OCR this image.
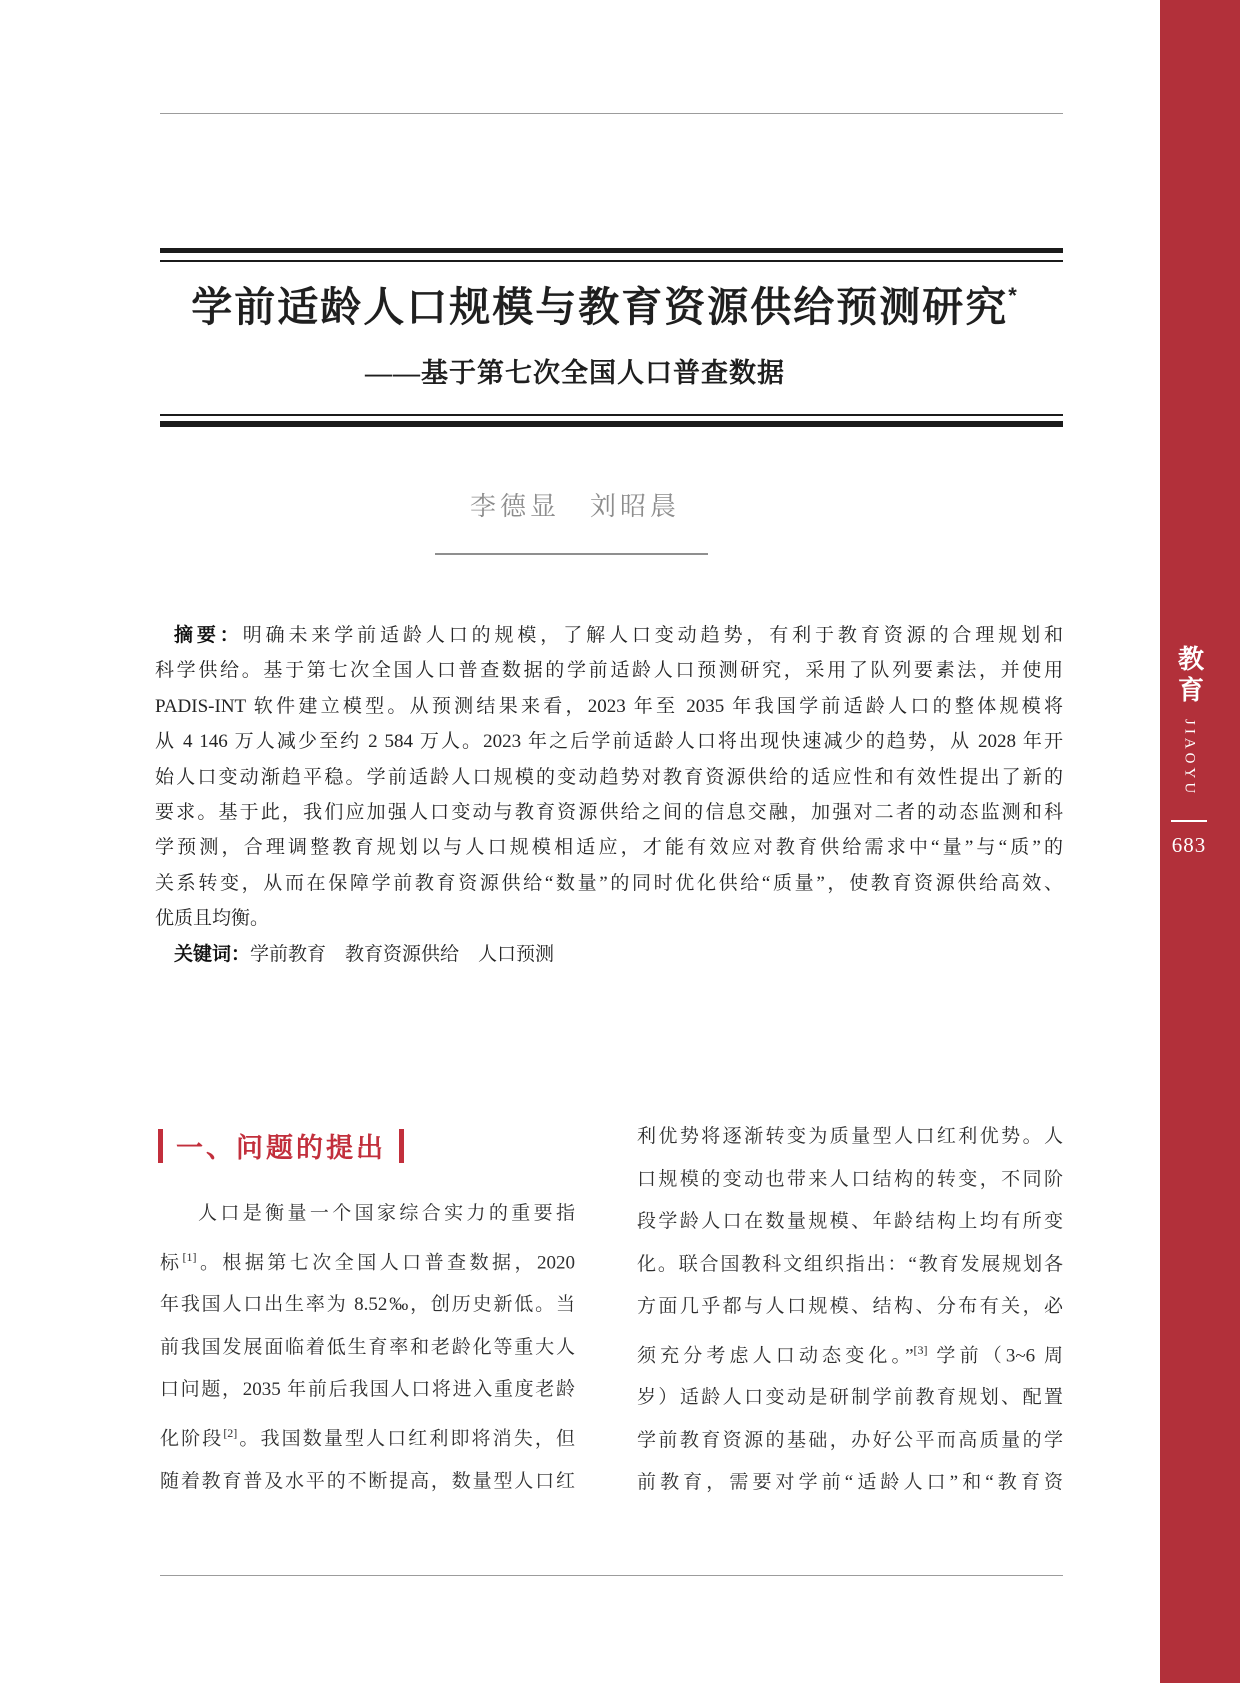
学前适龄人口规模与教育资源供给预测研究*
——基于第七次全国人口普查数据
李德显　刘昭晨
摘要：明确未来学前适龄人口的规模，了解人口变动趋势，有利于教育资源的合理规划和
科学供给。基于第七次全国人口普查数据的学前适龄人口预测研究，采用了队列要素法，并使用
PADIS-INT 软件建立模型。从预测结果来看，2023 年至 2035 年我国学前适龄人口的整体规模将
从 4 146 万人减少至约 2 584 万人。2023 年之后学前适龄人口将出现快速减少的趋势，从 2028 年开
始人口变动渐趋平稳。学前适龄人口规模的变动趋势对教育资源供给的适应性和有效性提出了新的
要求。基于此，我们应加强人口变动与教育资源供给之间的信息交融，加强对二者的动态监测和科
学预测，合理调整教育规划以与人口规模相适应，才能有效应对教育供给需求中“量”与“质”的
关系转变，从而在保障学前教育资源供给“数量”的同时优化供给“质量”，使教育资源供给高效、
优质且均衡。
关键词：学前教育　教育资源供给　人口预测
一、问题的提出
人口是衡量一个国家综合实力的重要指
标[1]。根据第七次全国人口普查数据，2020
年我国人口出生率为 8.52‰，创历史新低。当
前我国发展面临着低生育率和老龄化等重大人
口问题，2035 年前后我国人口将进入重度老龄
化阶段[2]。我国数量型人口红利即将消失，但
随着教育普及水平的不断提高，数量型人口红
利优势将逐渐转变为质量型人口红利优势。人
口规模的变动也带来人口结构的转变，不同阶
段学龄人口在数量规模、年龄结构上均有所变
化。联合国教科文组织指出：“教育发展规划各
方面几乎都与人口规模、结构、分布有关，必
须充分考虑人口动态变化。”[3] 学前（3~6 周
岁）适龄人口变动是研制学前教育规划、配置
学前教育资源的基础，办好公平而高质量的学
前教育，需要对学前“适龄人口”和“教育资
教育
JIAOYU
683
